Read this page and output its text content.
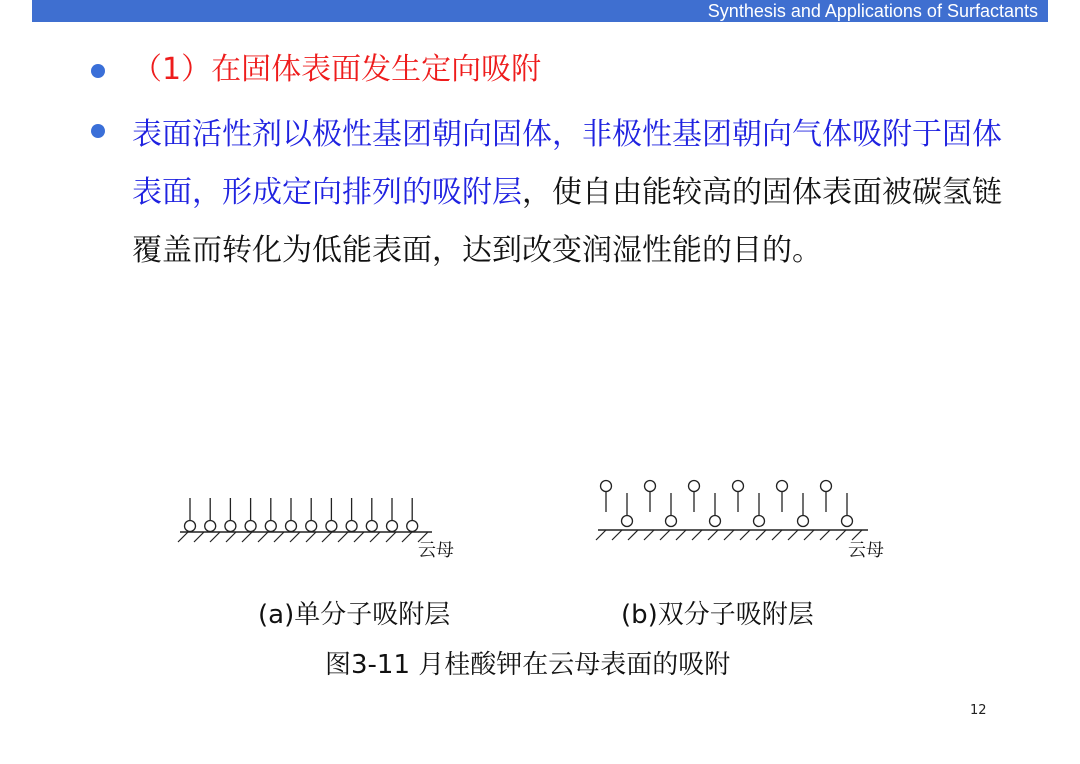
Synthesis and Applications of Surfactants
（1）在固体表面发生定向吸附
表面活性剂以极性基团朝向固体，非极性基团朝向气体吸附于固体表面，形成定向排列的吸附层，使自由能较高的固体表面被碳氢链覆盖而转化为低能表面，达到改变润湿性能的目的。
云母	云母
(a)单分子吸附层	(b)双分子吸附层
图3-11 月桂酸钾在云母表面的吸附
12
